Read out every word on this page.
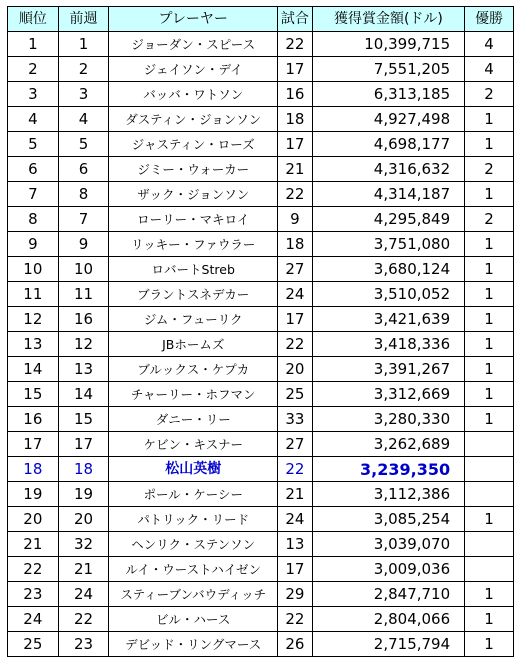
順位	前週	プレーヤー	試合	獲得賞金額(ドル)	優勝
1	1	ジョーダン・スピース	22	10,399,715	4
2	2	ジェイソン・デイ	17	7,551,205	4
3	3	バッバ・ワトソン	16	6,313,185	2
4	4	ダスティン・ジョンソン	18	4,927,498	1
5	5	ジャスティン・ローズ	17	4,698,177	1
6	6	ジミー・ウォーカー	21	4,316,632	2
7	8	ザック・ジョンソン	22	4,314,187	1
8	7	ローリー・マキロイ	9	4,295,849	2
9	9	リッキー・ファウラー	18	3,751,080	1
10	10	ロバートStreb	27	3,680,124	1
11	11	ブラントスネデカー	24	3,510,052	1
12	16	ジム・フューリク	17	3,421,639	1
13	12	JBホームズ	22	3,418,336	1
14	13	ブルックス・ケプカ	20	3,391,267	1
15	14	チャーリー・ホフマン	25	3,312,669	1
16	15	ダニー・リー	33	3,280,330	1
17	17	ケビン・キスナー	27	3,262,689	
18	18	松山英樹	22	3,239,350	
19	19	ポール・ケーシー	21	3,112,386	
20	20	パトリック・リード	24	3,085,254	1
21	32	ヘンリク・ステンソン	13	3,039,070	
22	21	ルイ・ウーストハイゼン	17	3,009,036	
23	24	スティーブンバウディッチ	29	2,847,710	1
24	22	ビル・ハース	22	2,804,066	1
25	23	デビッド・リングマース	26	2,715,794	1
